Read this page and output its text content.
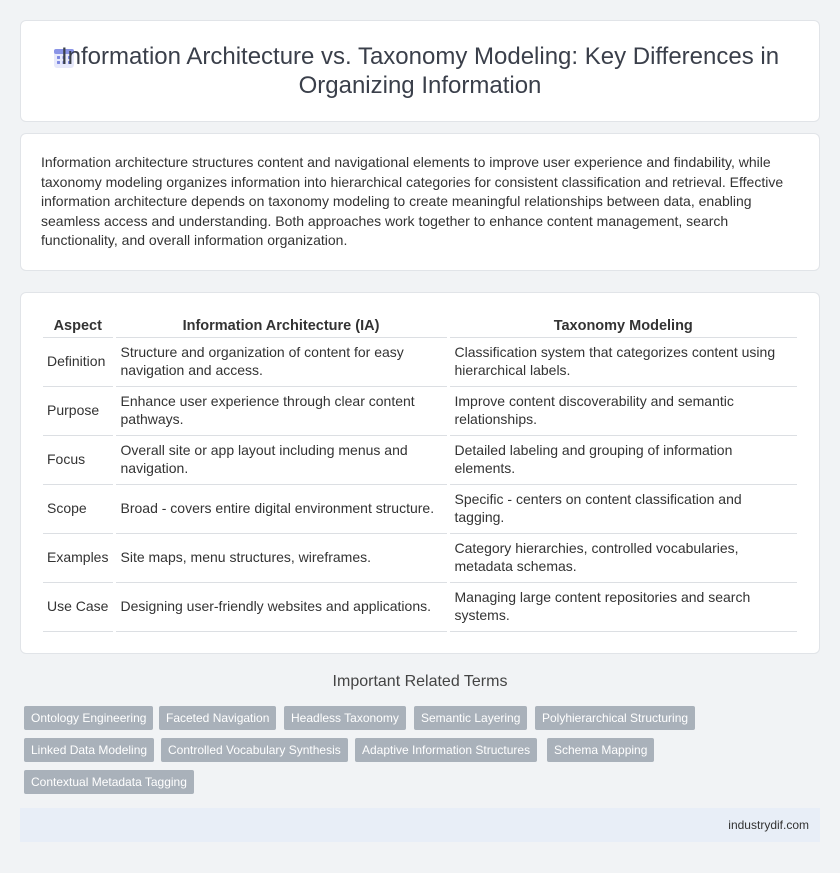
Information Architecture vs. Taxonomy Modeling: Key Differences in Organizing Information

Information architecture structures content and navigational elements to improve user experience and findability, while taxonomy modeling organizes information into hierarchical categories for consistent classification and retrieval. Effective information architecture depends on taxonomy modeling to create meaningful relationships between data, enabling seamless access and understanding. Both approaches work together to enhance content management, search functionality, and overall information organization.

Aspect	Information Architecture (IA)	Taxonomy Modeling
Definition	Structure and organization of content for easy navigation and access.	Classification system that categorizes content using hierarchical labels.
Purpose	Enhance user experience through clear content pathways.	Improve content discoverability and semantic relationships.
Focus	Overall site or app layout including menus and navigation.	Detailed labeling and grouping of information elements.
Scope	Broad - covers entire digital environment structure.	Specific - centers on content classification and tagging.
Examples	Site maps, menu structures, wireframes.	Category hierarchies, controlled vocabularies, metadata schemas.
Use Case	Designing user-friendly websites and applications.	Managing large content repositories and search systems.
Important Related Terms
Ontology Engineering	Faceted Navigation	Headless Taxonomy	Semantic Layering	Polyhierarchical Structuring
Linked Data Modeling	Controlled Vocabulary Synthesis	Adaptive Information Structures	Schema Mapping
Contextual Metadata Tagging
industrydif.com
